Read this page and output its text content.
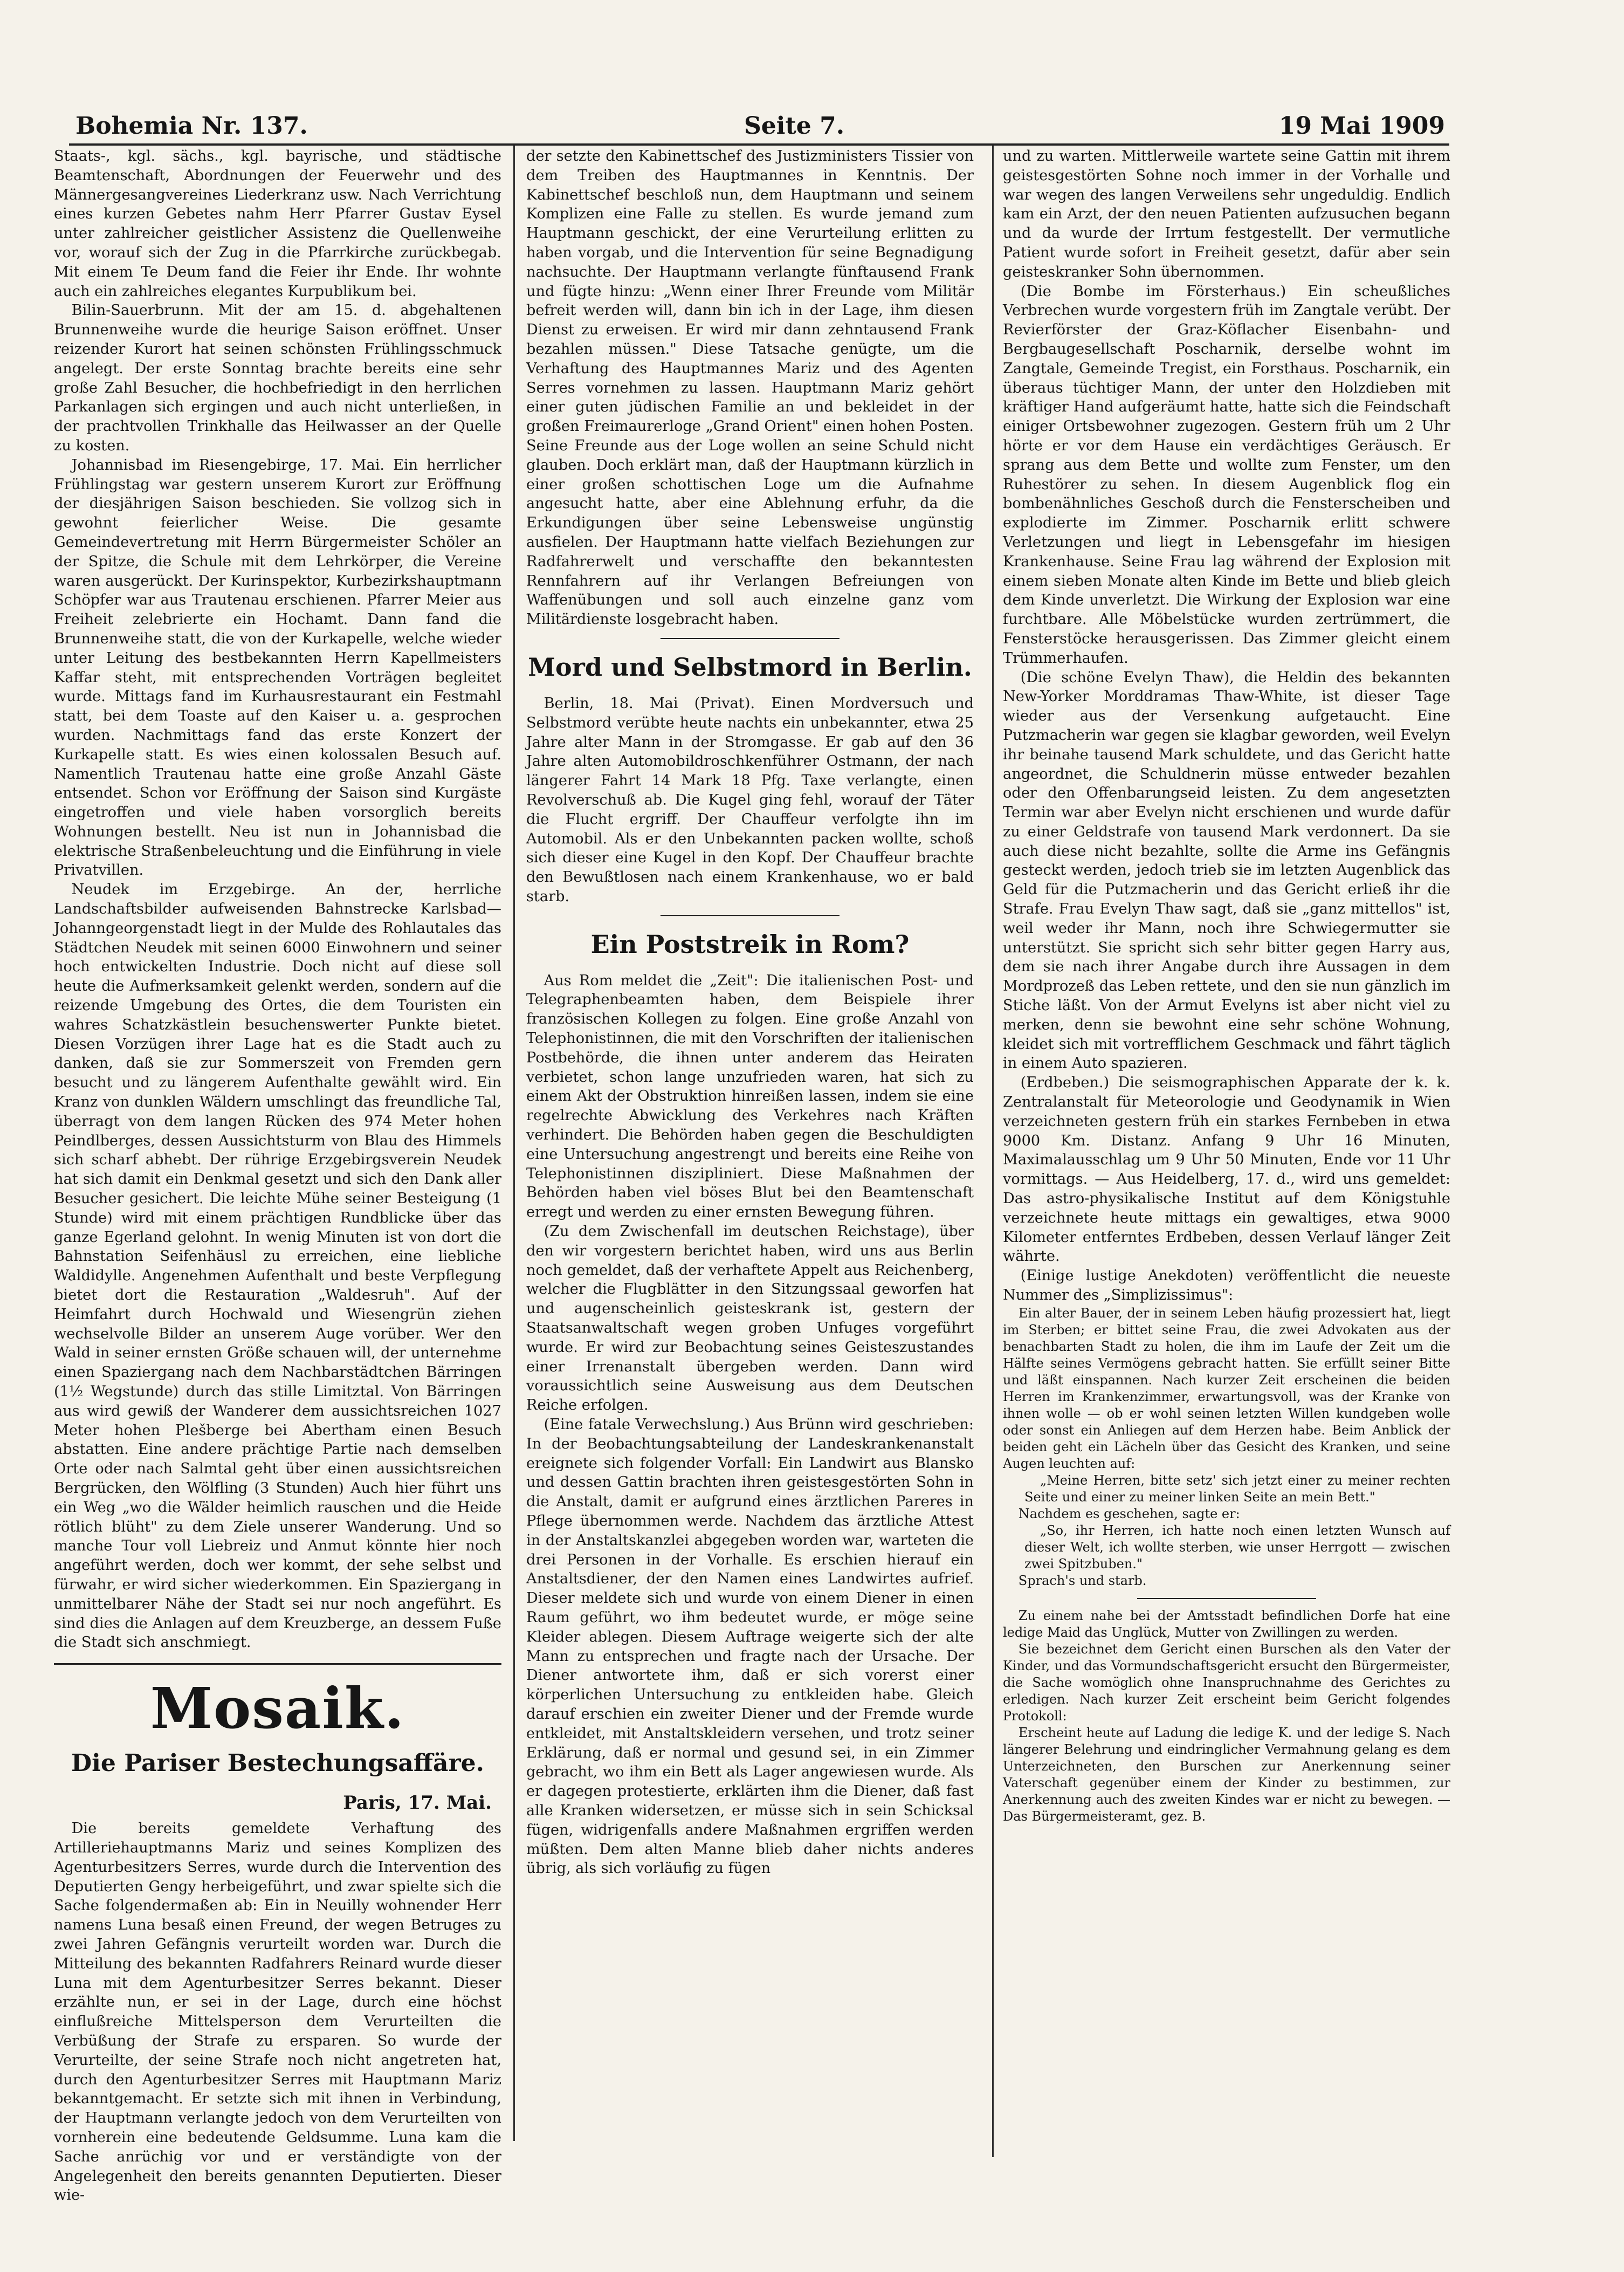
Bohemia Nr. 137.	Seite 7.	19 Mai 1909

Staats-, kgl. sächs., kgl. bayrische, und städtische Beamtenschaft, Abordnungen der Feuerwehr und des Männergesangvereines Liederkranz usw. Nach Verrichtung eines kurzen Gebetes nahm Herr Pfarrer Gustav Eysel unter zahlreicher geistlicher Assistenz die Quellenweihe vor, worauf sich der Zug in die Pfarrkirche zurückbegab. Mit einem Te Deum fand die Feier ihr Ende. Ihr wohnte auch ein zahlreiches elegantes Kurpublikum bei.

Bilin-Sauerbrunn. Mit der am 15. d. abgehaltenen Brunnenweihe wurde die heurige Saison eröffnet. Unser reizender Kurort hat seinen schönsten Frühlingsschmuck angelegt. Der erste Sonntag brachte bereits eine sehr große Zahl Besucher, die hochbefriedigt in den herrlichen Parkanlagen sich ergingen und auch nicht unterließen, in der prachtvollen Trinkhalle das Heilwasser an der Quelle zu kosten.

Johannisbad im Riesengebirge, 17. Mai. Ein herrlicher Frühlingstag war gestern unserem Kurort zur Eröffnung der diesjährigen Saison beschieden. Sie vollzog sich in gewohnt feierlicher Weise. Die gesamte Gemeindevertretung mit Herrn Bürgermeister Schöler an der Spitze, die Schule mit dem Lehrkörper, die Vereine waren ausgerückt. Der Kurinspektor, Kurbezirkshauptmann Schöpfer war aus Trautenau erschienen. Pfarrer Meier aus Freiheit zelebrierte ein Hochamt. Dann fand die Brunnenweihe statt, die von der Kurkapelle, welche wieder unter Leitung des bestbekannten Herrn Kapellmeisters Kaffar steht, mit entsprechenden Vorträgen begleitet wurde. Mittags fand im Kurhausrestaurant ein Festmahl statt, bei dem Toaste auf den Kaiser u. a. gesprochen wurden. Nachmittags fand das erste Konzert der Kurkapelle statt. Es wies einen kolossalen Besuch auf. Namentlich Trautenau hatte eine große Anzahl Gäste entsendet. Schon vor Eröffnung der Saison sind Kurgäste eingetroffen und viele haben vorsorglich bereits Wohnungen bestellt. Neu ist nun in Johannisbad die elektrische Straßenbeleuchtung und die Einführung in viele Privatvillen.

Neudek im Erzgebirge. An der, herrliche Landschaftsbilder aufweisenden Bahnstrecke Karlsbad—Johanngeorgenstadt liegt in der Mulde des Rohlautales das Städtchen Neudek mit seinen 6000 Einwohnern und seiner hoch entwickelten Industrie. Doch nicht auf diese soll heute die Aufmerksamkeit gelenkt werden, sondern auf die reizende Umgebung des Ortes, die dem Touristen ein wahres Schatzkästlein besuchenswerter Punkte bietet. Diesen Vorzügen ihrer Lage hat es die Stadt auch zu danken, daß sie zur Sommerszeit von Fremden gern besucht und zu längerem Aufenthalte gewählt wird. Ein Kranz von dunklen Wäldern umschlingt das freundliche Tal, überragt von dem langen Rücken des 974 Meter hohen Peindlberges, dessen Aussichtsturm von Blau des Himmels sich scharf abhebt. Der rührige Erzgebirgsverein Neudek hat sich damit ein Denkmal gesetzt und sich den Dank aller Besucher gesichert. Die leichte Mühe seiner Besteigung (1 Stunde) wird mit einem prächtigen Rundblicke über das ganze Egerland gelohnt. In wenig Minuten ist von dort die Bahnstation Seifenhäusl zu erreichen, eine liebliche Waldidylle. Angenehmen Aufenthalt und beste Verpflegung bietet dort die Restauration „Waldesruh". Auf der Heimfahrt durch Hochwald und Wiesengrün ziehen wechselvolle Bilder an unserem Auge vorüber. Wer den Wald in seiner ernsten Größe schauen will, der unternehme einen Spaziergang nach dem Nachbarstädtchen Bärringen (1½ Wegstunde) durch das stille Limitztal. Von Bärringen aus wird gewiß der Wanderer dem aussichtsreichen 1027 Meter hohen Plešberge bei Abertham einen Besuch abstatten. Eine andere prächtige Partie nach demselben Orte oder nach Salmtal geht über einen aussichtsreichen Bergrücken, den Wölfling (3 Stunden) Auch hier führt uns ein Weg „wo die Wälder heimlich rauschen und die Heide rötlich blüht" zu dem Ziele unserer Wanderung. Und so manche Tour voll Liebreiz und Anmut könnte hier noch angeführt werden, doch wer kommt, der sehe selbst und fürwahr, er wird sicher wiederkommen. Ein Spaziergang in unmittelbarer Nähe der Stadt sei nur noch angeführt. Es sind dies die Anlagen auf dem Kreuzberge, an dessem Fuße die Stadt sich anschmiegt.

Mosaik.
Die Pariser Bestechungsaffäre.
Paris, 17. Mai.

Die bereits gemeldete Verhaftung des Artilleriehauptmanns Mariz und seines Komplizen des Agenturbesitzers Serres, wurde durch die Intervention des Deputierten Gengy herbeigeführt, und zwar spielte sich die Sache folgendermaßen ab: Ein in Neuilly wohnender Herr namens Luna besaß einen Freund, der wegen Betruges zu zwei Jahren Gefängnis verurteilt worden war. Durch die Mitteilung des bekannten Radfahrers Reinard wurde dieser Luna mit dem Agenturbesitzer Serres bekannt. Dieser erzählte nun, er sei in der Lage, durch eine höchst einflußreiche Mittelsperson dem Verurteilten die Verbüßung der Strafe zu ersparen. So wurde der Verurteilte, der seine Strafe noch nicht angetreten hat, durch den Agenturbesitzer Serres mit Hauptmann Mariz bekanntgemacht. Er setzte sich mit ihnen in Verbindung, der Hauptmann verlangte jedoch von dem Verurteilten von vornherein eine bedeutende Geldsumme. Luna kam die Sache anrüchig vor und er verständigte von der Angelegenheit den bereits genannten Deputierten. Dieser wie-

der setzte den Kabinettschef des Justizministers Tissier von dem Treiben des Hauptmannes in Kenntnis. Der Kabinettschef beschloß nun, dem Hauptmann und seinem Komplizen eine Falle zu stellen. Es wurde jemand zum Hauptmann geschickt, der eine Verurteilung erlitten zu haben vorgab, und die Intervention für seine Begnadigung nachsuchte. Der Hauptmann verlangte fünftausend Frank und fügte hinzu: „Wenn einer Ihrer Freunde vom Militär befreit werden will, dann bin ich in der Lage, ihm diesen Dienst zu erweisen. Er wird mir dann zehntausend Frank bezahlen müssen." Diese Tatsache genügte, um die Verhaftung des Hauptmannes Mariz und des Agenten Serres vornehmen zu lassen. Hauptmann Mariz gehört einer guten jüdischen Familie an und bekleidet in der großen Freimaurerloge „Grand Orient" einen hohen Posten. Seine Freunde aus der Loge wollen an seine Schuld nicht glauben. Doch erklärt man, daß der Hauptmann kürzlich in einer großen schottischen Loge um die Aufnahme angesucht hatte, aber eine Ablehnung erfuhr, da die Erkundigungen über seine Lebensweise ungünstig ausfielen. Der Hauptmann hatte vielfach Beziehungen zur Radfahrerwelt und verschaffte den bekanntesten Rennfahrern auf ihr Verlangen Befreiungen von Waffenübungen und soll auch einzelne ganz vom Militärdienste losgebracht haben.

Mord und Selbstmord in Berlin.

Berlin, 18. Mai (Privat). Einen Mordversuch und Selbstmord verübte heute nachts ein unbekannter, etwa 25 Jahre alter Mann in der Stromgasse. Er gab auf den 36 Jahre alten Automobildroschkenführer Ostmann, der nach längerer Fahrt 14 Mark 18 Pfg. Taxe verlangte, einen Revolverschuß ab. Die Kugel ging fehl, worauf der Täter die Flucht ergriff. Der Chauffeur verfolgte ihn im Automobil. Als er den Unbekannten packen wollte, schoß sich dieser eine Kugel in den Kopf. Der Chauffeur brachte den Bewußtlosen nach einem Krankenhause, wo er bald starb.

Ein Poststreik in Rom?

Aus Rom meldet die „Zeit": Die italienischen Post- und Telegraphenbeamten haben, dem Beispiele ihrer französischen Kollegen zu folgen. Eine große Anzahl von Telephonistinnen, die mit den Vorschriften der italienischen Postbehörde, die ihnen unter anderem das Heiraten verbietet, schon lange unzufrieden waren, hat sich zu einem Akt der Obstruktion hinreißen lassen, indem sie eine regelrechte Abwicklung des Verkehres nach Kräften verhindert. Die Behörden haben gegen die Beschuldigten eine Untersuchung angestrengt und bereits eine Reihe von Telephonistinnen diszipliniert. Diese Maßnahmen der Behörden haben viel böses Blut bei den Beamtenschaft erregt und werden zu einer ernsten Bewegung führen.

(Zu dem Zwischenfall im deutschen Reichstage), über den wir vorgestern berichtet haben, wird uns aus Berlin noch gemeldet, daß der verhaftete Appelt aus Reichenberg, welcher die Flugblätter in den Sitzungssaal geworfen hat und augenscheinlich geisteskrank ist, gestern der Staatsanwaltschaft wegen groben Unfuges vorgeführt wurde. Er wird zur Beobachtung seines Geisteszustandes einer Irrenanstalt übergeben werden. Dann wird voraussichtlich seine Ausweisung aus dem Deutschen Reiche erfolgen.

(Eine fatale Verwechslung.) Aus Brünn wird geschrieben: In der Beobachtungsabteilung der Landeskrankenanstalt ereignete sich folgender Vorfall: Ein Landwirt aus Blansko und dessen Gattin brachten ihren geistesgestörten Sohn in die Anstalt, damit er aufgrund eines ärztlichen Pareres in Pflege übernommen werde. Nachdem das ärztliche Attest in der Anstaltskanzlei abgegeben worden war, warteten die drei Personen in der Vorhalle. Es erschien hierauf ein Anstaltsdiener, der den Namen eines Landwirtes aufrief. Dieser meldete sich und wurde von einem Diener in einen Raum geführt, wo ihm bedeutet wurde, er möge seine Kleider ablegen. Diesem Auftrage weigerte sich der alte Mann zu entsprechen und fragte nach der Ursache. Der Diener antwortete ihm, daß er sich vorerst einer körperlichen Untersuchung zu entkleiden habe. Gleich darauf erschien ein zweiter Diener und der Fremde wurde entkleidet, mit Anstaltskleidern versehen, und trotz seiner Erklärung, daß er normal und gesund sei, in ein Zimmer gebracht, wo ihm ein Bett als Lager angewiesen wurde. Als er dagegen protestierte, erklärten ihm die Diener, daß fast alle Kranken widersetzen, er müsse sich in sein Schicksal fügen, widrigenfalls andere Maßnahmen ergriffen werden müßten. Dem alten Manne blieb daher nichts anderes übrig, als sich vorläufig zu fügen

und zu warten. Mittlerweile wartete seine Gattin mit ihrem geistesgestörten Sohne noch immer in der Vorhalle und war wegen des langen Verweilens sehr ungeduldig. Endlich kam ein Arzt, der den neuen Patienten aufzusuchen begann und da wurde der Irrtum festgestellt. Der vermutliche Patient wurde sofort in Freiheit gesetzt, dafür aber sein geisteskranker Sohn übernommen.

(Die Bombe im Försterhaus.) Ein scheußliches Verbrechen wurde vorgestern früh im Zangtale verübt. Der Revierförster der Graz-Köflacher Eisenbahn- und Bergbaugesellschaft Poscharnik, derselbe wohnt im Zangtale, Gemeinde Tregist, ein Forsthaus. Poscharnik, ein überaus tüchtiger Mann, der unter den Holzdieben mit kräftiger Hand aufgeräumt hatte, hatte sich die Feindschaft einiger Ortsbewohner zugezogen. Gestern früh um 2 Uhr hörte er vor dem Hause ein verdächtiges Geräusch. Er sprang aus dem Bette und wollte zum Fenster, um den Ruhestörer zu sehen. In diesem Augenblick flog ein bombenähnliches Geschoß durch die Fensterscheiben und explodierte im Zimmer. Poscharnik erlitt schwere Verletzungen und liegt in Lebensgefahr im hiesigen Krankenhause. Seine Frau lag während der Explosion mit einem sieben Monate alten Kinde im Bette und blieb gleich dem Kinde unverletzt. Die Wirkung der Explosion war eine furchtbare. Alle Möbelstücke wurden zertrümmert, die Fensterstöcke herausgerissen. Das Zimmer gleicht einem Trümmerhaufen.

(Die schöne Evelyn Thaw), die Heldin des bekannten New-Yorker Morddramas Thaw-White, ist dieser Tage wieder aus der Versenkung aufgetaucht. Eine Putzmacherin war gegen sie klagbar geworden, weil Evelyn ihr beinahe tausend Mark schuldete, und das Gericht hatte angeordnet, die Schuldnerin müsse entweder bezahlen oder den Offenbarungseid leisten. Zu dem angesetzten Termin war aber Evelyn nicht erschienen und wurde dafür zu einer Geldstrafe von tausend Mark verdonnert. Da sie auch diese nicht bezahlte, sollte die Arme ins Gefängnis gesteckt werden, jedoch trieb sie im letzten Augenblick das Geld für die Putzmacherin und das Gericht erließ ihr die Strafe. Frau Evelyn Thaw sagt, daß sie „ganz mittellos" ist, weil weder ihr Mann, noch ihre Schwiegermutter sie unterstützt. Sie spricht sich sehr bitter gegen Harry aus, dem sie nach ihrer Angabe durch ihre Aussagen in dem Mordprozeß das Leben rettete, und den sie nun gänzlich im Stiche läßt. Von der Armut Evelyns ist aber nicht viel zu merken, denn sie bewohnt eine sehr schöne Wohnung, kleidet sich mit vortrefflichem Geschmack und fährt täglich in einem Auto spazieren.

(Erdbeben.) Die seismographischen Apparate der k. k. Zentralanstalt für Meteorologie und Geodynamik in Wien verzeichneten gestern früh ein starkes Fernbeben in etwa 9000 Km. Distanz. Anfang 9 Uhr 16 Minuten, Maximalausschlag um 9 Uhr 50 Minuten, Ende vor 11 Uhr vormittags. — Aus Heidelberg, 17. d., wird uns gemeldet: Das astro-physikalische Institut auf dem Königstuhle verzeichnete heute mittags ein gewaltiges, etwa 9000 Kilometer entferntes Erdbeben, dessen Verlauf länger Zeit währte.

(Einige lustige Anekdoten) veröffentlicht die neueste Nummer des „Simplizissimus":

Ein alter Bauer, der in seinem Leben häufig prozessiert hat, liegt im Sterben; er bittet seine Frau, die zwei Advokaten aus der benachbarten Stadt zu holen, die ihm im Laufe der Zeit um die Hälfte seines Vermögens gebracht hatten. Sie erfüllt seiner Bitte und läßt einspannen. Nach kurzer Zeit erscheinen die beiden Herren im Krankenzimmer, erwartungsvoll, was der Kranke von ihnen wolle — ob er wohl seinen letzten Willen kundgeben wolle oder sonst ein Anliegen auf dem Herzen habe. Beim Anblick der beiden geht ein Lächeln über das Gesicht des Kranken, und seine Augen leuchten auf:

„Meine Herren, bitte setz' sich jetzt einer zu meiner rechten Seite und einer zu meiner linken Seite an mein Bett."

Nachdem es geschehen, sagte er:

„So, ihr Herren, ich hatte noch einen letzten Wunsch auf dieser Welt, ich wollte sterben, wie unser Herrgott — zwischen zwei Spitzbuben."

Sprach's und starb.

Zu einem nahe bei der Amtsstadt befindlichen Dorfe hat eine ledige Maid das Unglück, Mutter von Zwillingen zu werden.

Sie bezeichnet dem Gericht einen Burschen als den Vater der Kinder, und das Vormundschaftsgericht ersucht den Bürgermeister, die Sache womöglich ohne Inanspruchnahme des Gerichtes zu erledigen. Nach kurzer Zeit erscheint beim Gericht folgendes Protokoll:

Erscheint heute auf Ladung die ledige K. und der ledige S. Nach längerer Belehrung und eindringlicher Vermahnung gelang es dem Unterzeichneten, den Burschen zur Anerkennung seiner Vaterschaft gegenüber einem der Kinder zu bestimmen, zur Anerkennung auch des zweiten Kindes war er nicht zu bewegen. — Das Bürgermeisteramt, gez. B.
